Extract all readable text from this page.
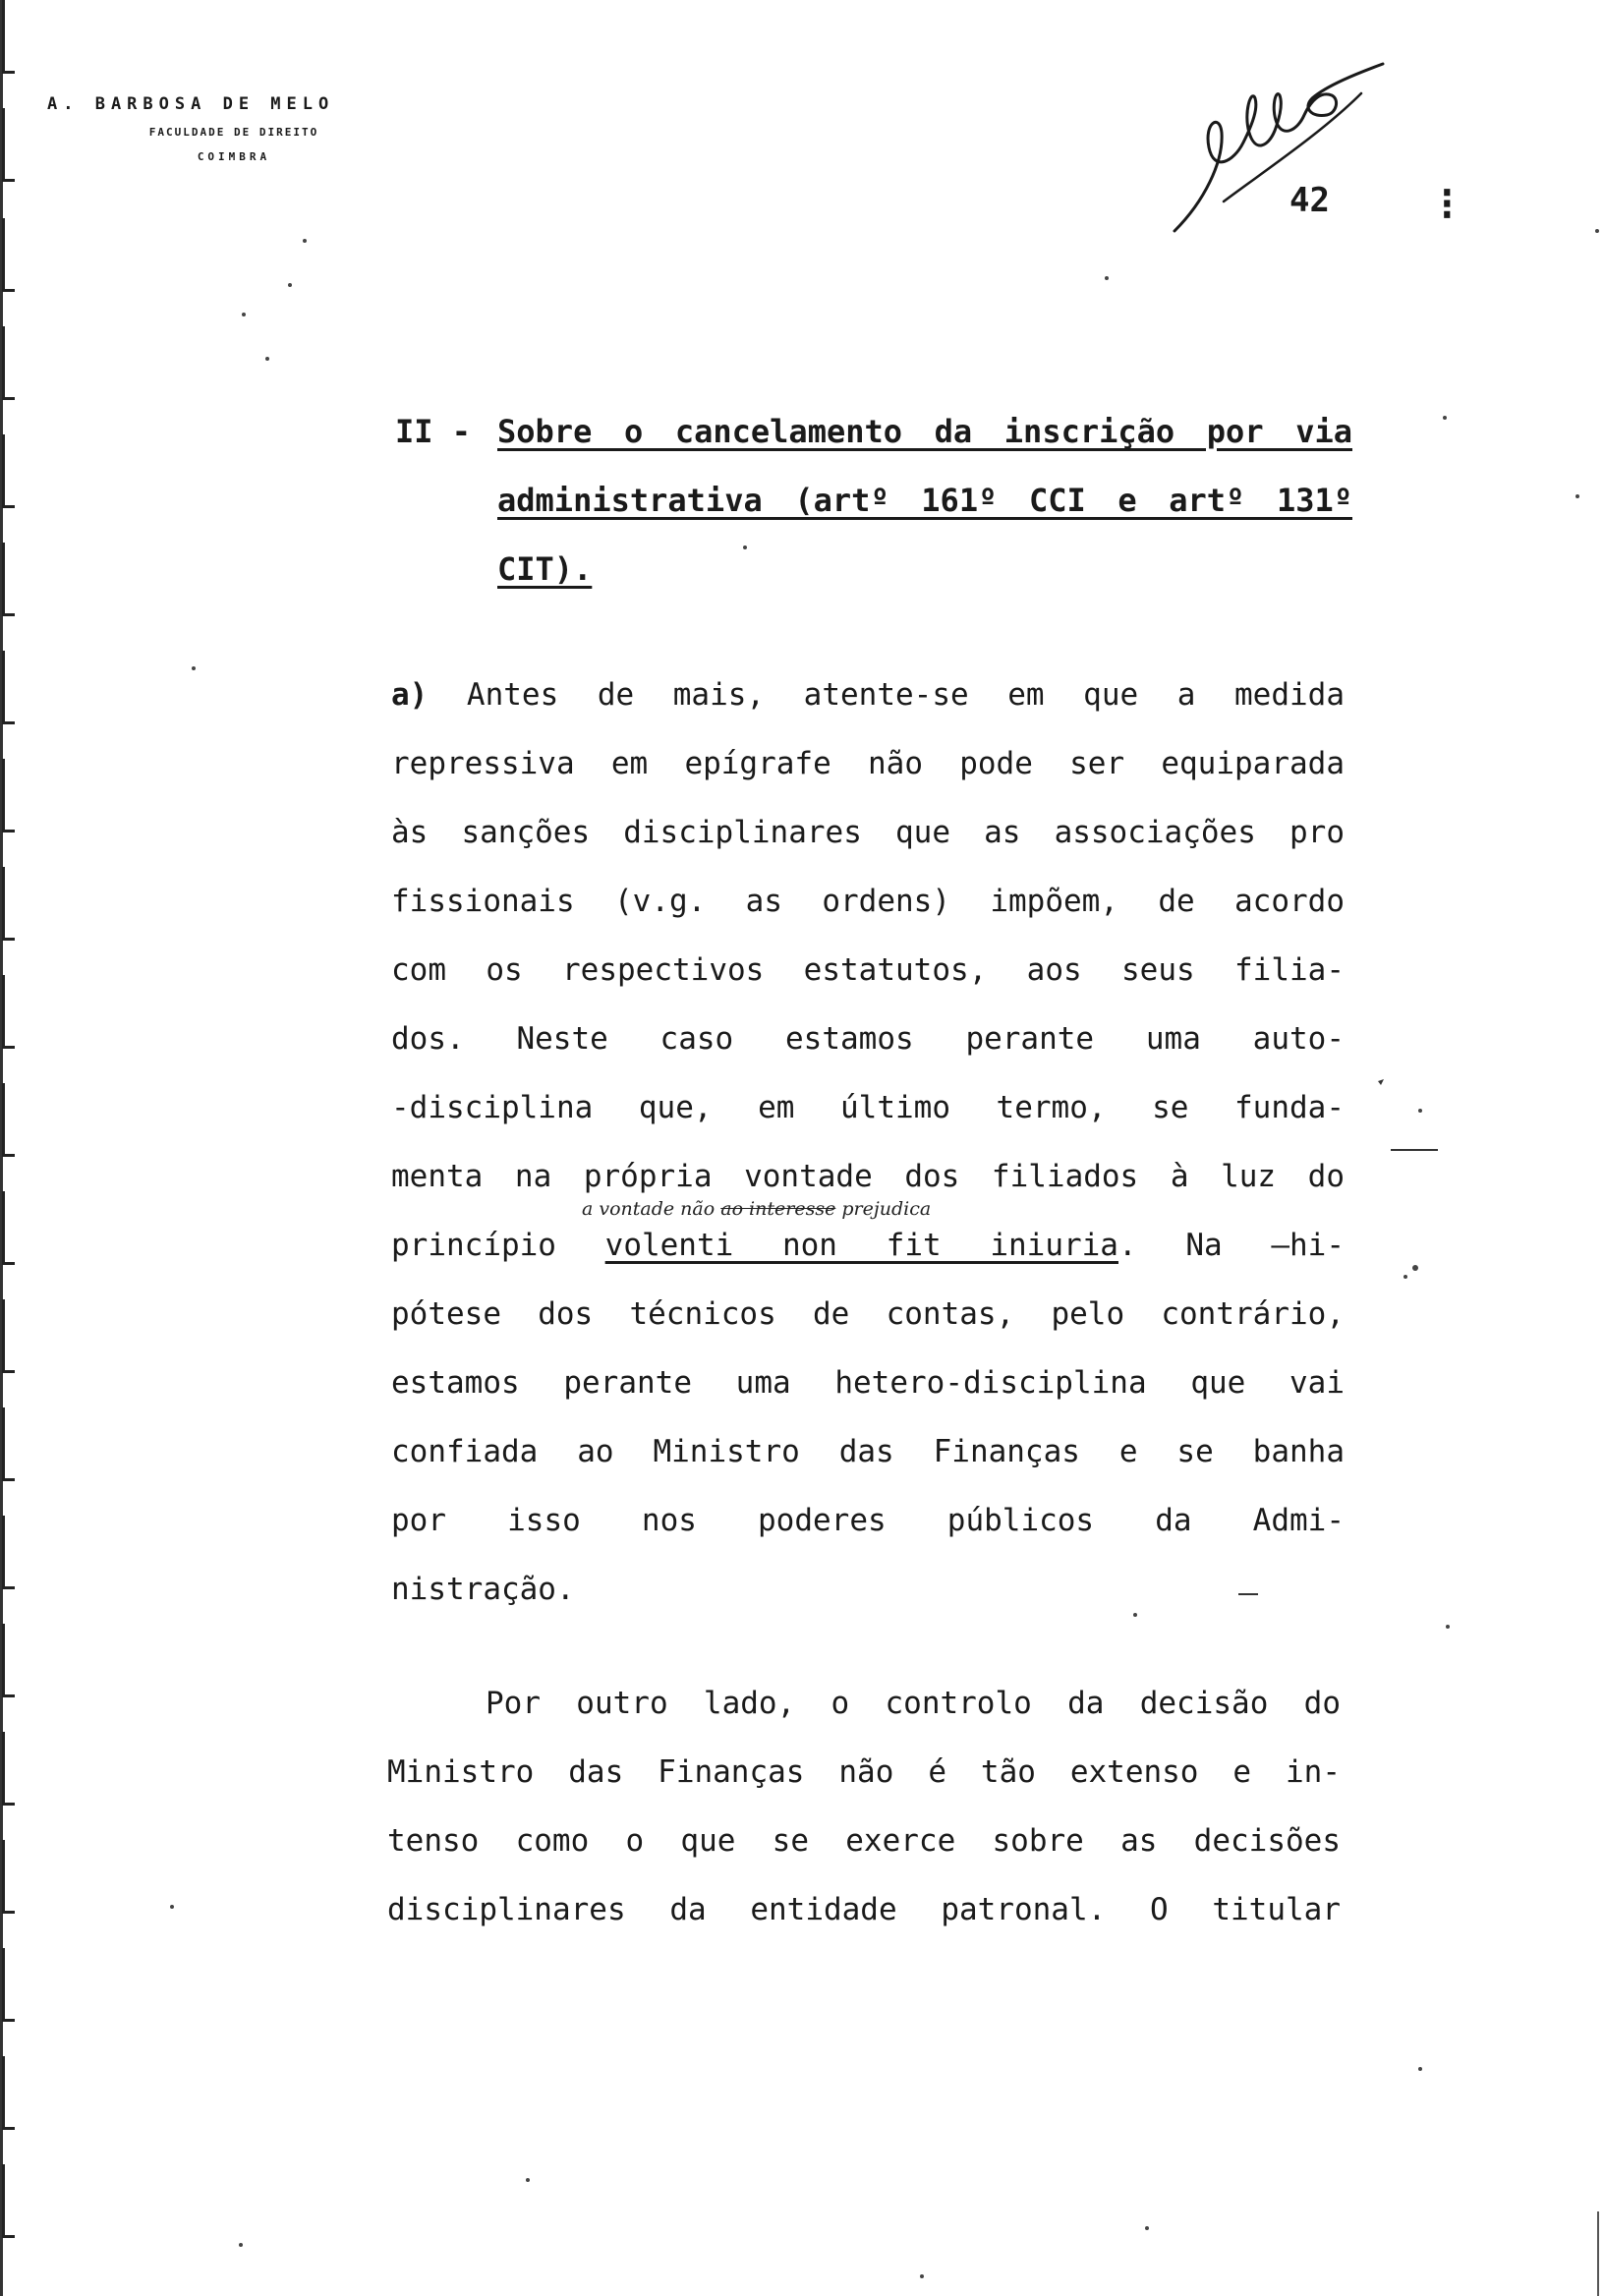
A. BARBOSA DE MELO
FACULDADE DE DIREITO
COIMBRA
42 ⁝
II - Sobre o cancelamento da inscrição por via
administrativa (artº 161º CCI e artº 131º
CIT).
a) Antes de mais, atente-se em que a medida
repressiva em epígrafe não pode ser equiparada
às sanções disciplinares que as associações pro
fissionais (v.g. as ordens) impõem, de acordo
com os respectivos estatutos, aos seus filia-
dos. Neste caso estamos perante uma auto-
-disciplina que, em último termo, se funda-
menta na própria vontade dos filiados à luz do
princípio volenti non fit iniuria. Na —hi-
pótese dos técnicos de contas, pelo contrário,
estamos perante uma hetero-disciplina que vai
confiada ao Ministro das Finanças e se banha
por isso nos poderes públicos da Admi-
nistração.
a vontade não ao interesse prejudica
Por outro lado, o controlo da decisão do
Ministro das Finanças não é tão extenso e in-
tenso como o que se exerce sobre as decisões
disciplinares da entidade patronal. O titular
